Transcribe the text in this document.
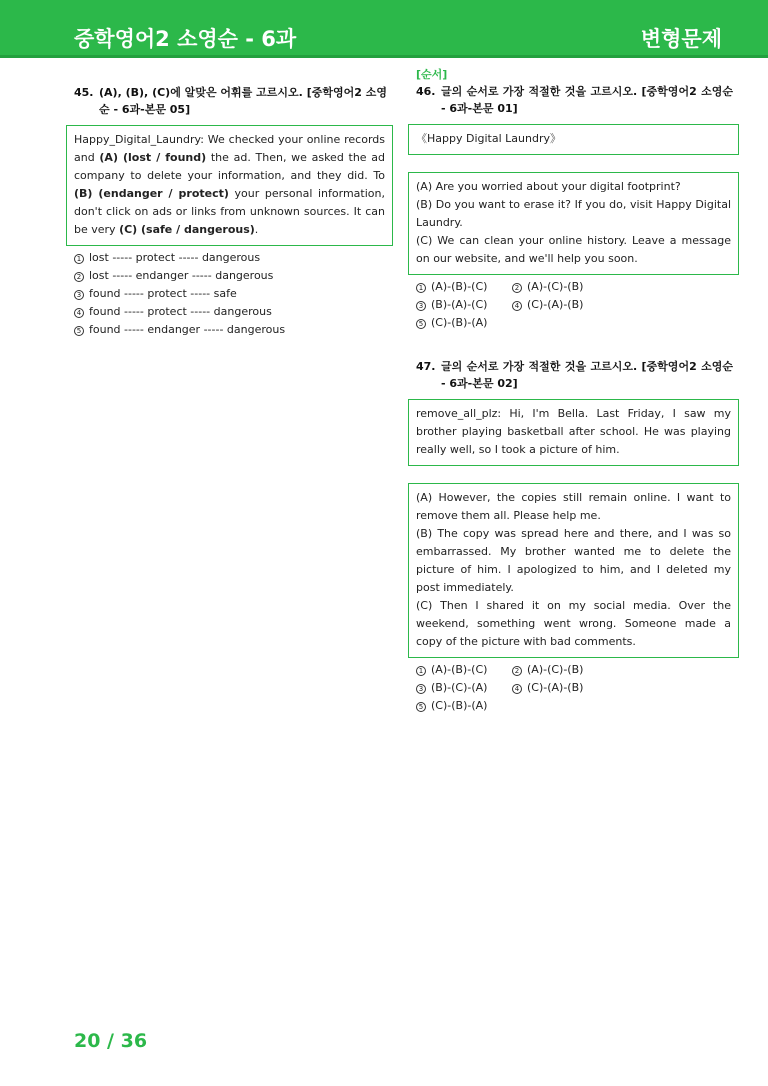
중학영어2 소영순 - 6과	변형문제
45. (A), (B), (C)에 알맞은 어휘를 고르시오. [중학영어2 소영순 - 6과-본문 05]
Happy_Digital_Laundry: We checked your online records and (A) (lost / found) the ad. Then, we asked the ad company to delete your information, and they did. To (B) (endanger / protect) your personal information, don't click on ads or links from unknown sources. It can be very (C) (safe / dangerous).
1 lost ----- protect ----- dangerous
2 lost ----- endanger ----- dangerous
3 found ----- protect ----- safe
4 found ----- protect ----- dangerous
5 found ----- endanger ----- dangerous
[순서]
46. 글의 순서로 가장 적절한 것을 고르시오. [중학영어2 소영순 - 6과-본문 01]
《Happy Digital Laundry》
(A) Are you worried about your digital footprint?
(B) Do you want to erase it? If you do, visit Happy Digital Laundry.
(C) We can clean your online history. Leave a message on our website, and we'll help you soon.
1 (A)-(B)-(C)	2 (A)-(C)-(B)
3 (B)-(A)-(C)	4 (C)-(A)-(B)
5 (C)-(B)-(A)
47. 글의 순서로 가장 적절한 것을 고르시오. [중학영어2 소영순 - 6과-본문 02]
remove_all_plz: Hi, I'm Bella. Last Friday, I saw my brother playing basketball after school. He was playing really well, so I took a picture of him.
(A) However, the copies still remain online. I want to remove them all. Please help me.
(B) The copy was spread here and there, and I was so embarrassed. My brother wanted me to delete the picture of him. I apologized to him, and I deleted my post immediately.
(C) Then I shared it on my social media. Over the weekend, something went wrong. Someone made a copy of the picture with bad comments.
1 (A)-(B)-(C)	2 (A)-(C)-(B)
3 (B)-(C)-(A)	4 (C)-(A)-(B)
5 (C)-(B)-(A)
20 / 36
